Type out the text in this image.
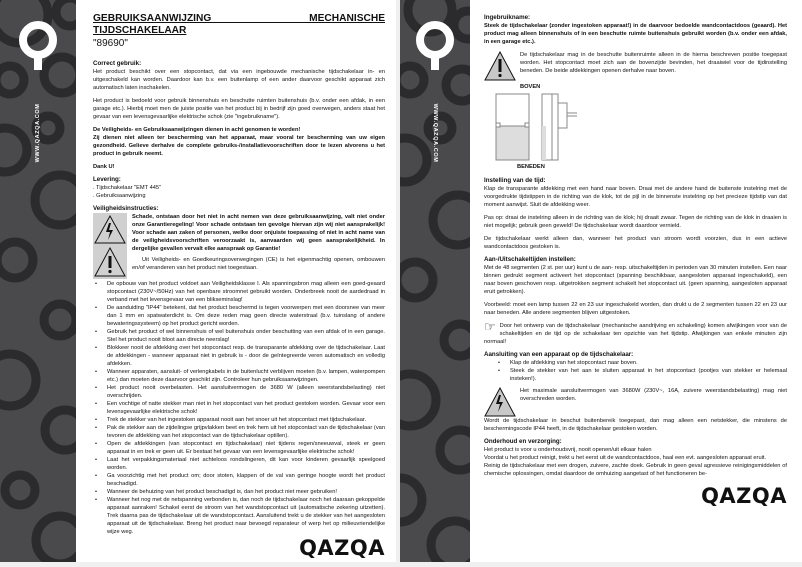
WWW.QAZQA.COM
GEBRUIKSAANWIJZING MECHANISCHE TIJDSCHAKELAAR
"89690"
Correct gebruik:

Het product beschikt over een stopcontact, dat via een ingebouwde mechanische tijdschakelaar in- en uitgeschakeld kan worden. Daardoor kan b.v. een buitenlamp of een ander daarvoor geschikt apparaat zich automatisch laten inschakelen.

Het product is bedoeld voor gebruik binnenshuis en beschutte ruimten buitenshuis (b.v. onder een afdak, in een garage etc.). Hierbij moet men de juiste positie van het product bij in bedrijf zijn goed overwegen, anders staat het gevaar van een levensgevaarlijke elektrische schok (zie "ingebruikname").

De Veiligheids- en Gebruiksaanwijzingen dienen in acht genomen te worden!

Zij dienen niet alleen ter bescherming van het apparaat, maar vooral ter bescherming van uw eigen gezondheid. Gelieve derhalve de complete gebruiks-/installatievoorschriften door te lezen alvorens u het product in gebruik neemt.

Dank U!

Levering:
. Tijdschakelaar "EMT 445"

. Gebruiksaanwijzing

Veiligheidsinstructies:
Schade, ontstaan door het niet in acht nemen van deze gebruiksaanwijzing, valt niet onder onze Garantieregeling! Voor schade ontstaan ten gevolge hiervan zijn wij niet aansprakelijk! Voor schade aan zaken of personen, welke door onjuiste toepassing of niet in acht name van de veiligheidsvoorschriften veroorzaakt is, aanvaarden wij geen aansprakelijkheid. In dergelijke gevallen vervalt elke aanspraak op Garantie!
Uit Veiligheids- en Goedkeuringsoverwegingen (CE) is het eigenmachtig openen, ombouwen en/of veranderen van het product niet toegestaan.
• De opbouw van het product voldoet aan Veiligheidsklasse I. Als spanningsbron mag alleen een goed-geaard stopcontact (230V~/50Hz) van het openbare stroomnet gebruikt worden. Onderbreek nooit de aardedraad in verband met het levensgevaar van een blikseminslag!
• De aanduiding "IP44" betekent, dat het product beschermd is tegen voorwerpen met een doorsnee van meer dan 1 mm en spatwaterdicht is. Om deze reden mag geen directe waterstraal (b.v. tuinslang of andere bewateringssysteem) op het product gericht worden.
• Gebruik het product of wel binnenshuis of wel buitenshuis onder beschutting van een afdak of in een garage. Stel het product nooit bloot aan directe neerslag!
• Blokkeer nooit de afdekking over het stopcontact resp. de transparante afdekking over de tijdschakelaar. Laat de afdekkingen - wanneer apparaat niet in gebruik is - door de geïntegreerde veren automatisch en volledig afdekken.
• Wanneer apparaten, aansluit- of verlengkabels in de buitenlucht verblijven moeten (b.v. lampen, waterpompen etc.) dan moeten deze daarvoor geschikt zijn. Controleer hun gebruiksaanwijzingen.
• Het product nooit overbelasten. Het aansluitvermogen de 3680 W (alleen weerstandsbelasting) niet overschrijden.
• Een vochtige of natte stekker man niet in het stopcontact van het product gestoken worden. Gevaar voor een levensgevaarlijke elektrische schok!
• Trek de stekker van het ingestoken apparaat nooit aan het snoer uit het stopcontact met tijdschakelaar.
• Pak de stekker aan de zijdelingse grijpvlakken beet en trek hem uit het stopcontact van de tijdschakelaar (van tevoren de afdekking van het stopcontact van de tijdschakelaar optillen).
• Open de afdekkingen (van stopcontact en tijdschakelaar) niet tijdens regen/sneeuwval, steek er geen apparaat in en trek er geen uit. Er bestaat het gevaar van een levensgevaarlijke elektrische schok!
• Laat het verpakkingsmateriaal niet achteloos rondslingeren, dit kan voor kinderen gevaarlijk speelgoed worden.
• Ga voorzichtig met het product om; door stoten, klappen of de val van geringe hoogte wordt het product beschadigd.
• Wanneer de behuizing van het product beschadigd is, dan het product niet meer gebruiken!
• Wanneer het nog met de netspanning verbonden is, dan noch de tijdschakelaar noch het daaraan gekoppelde apparaat aanraken! Schakel eerst de stroom van het wandstopcontact uit (automatische zekering uitzetten). Trek daarna pas de tijdschakelaar uit de wandstopcontact. Aansluitend trekt u de stekker van het aangesloten apparaat uit de tijdschakelaar. Breng het product naar bevoegd reparateur of werp het op milieuvriendelijke wijze weg.
QAZQA
WWW.QAZQA.COM
Ingebruikname:

Steek de tijdschakelaar (zonder ingestoken apparaat!) in de daarvoor bedoelde wandcontactdoos (geaard). Het product mag alleen binnenshuis of in een beschutte ruimte buitenshuis gebruikt worden (b.v. onder een afdak, in een garage etc.).

De tijdschakelaar mag in de beschutte buitenruimte alleen in de hierna beschreven positie toegepast worden. Het stopcontact moet zich aan de bovenzijde bevinden, het draaiwiel voor de tijdinstelling beneden. De beide afdekkingen openen derhalve naar boven.
BOVEN
BENEDEN
Instelling van de tijd:

Klap de transparante afdekking met een hand naar boven. Draai met de andere hand de buitenste instelring met de voorgedrukte tijdstippen in de richting van de klok, tot de pijl in de binnenste instelring op het precieze tijdstip van dat moment aanwijst. Sluit de afdekking weer.

Pas op: draai de instelring alleen in de richting van de klok; hij draait zwaar. Tegen de richting van de klok in draaien is niet mogelijk; gebruik geen geweld! De tijdschakelaar wordt daardoor vernield.

De tijdschakelaar werkt alleen dan, wanneer het product van stroom wordt voorzien, dus in een actieve wandcontactdoos gestoken is.

Aan-/Uitschakeltijden instellen:

Met de 48 segmenten (2 st. per uur) kunt u de aan- resp. uitschakeltijden in perioden van 30 minuten instellen. Een naar binnen gedrukt segment activeert het stopcontact (spanning beschikbaar, aangesloten apparaat ingeschakeld), een naar boven geschoven resp. uitgetrokken segment schakelt het stopcontact uit. (geen spanning, aangesloten apparaat eruit getrokken).

Voorbeeld: moet een lamp tussen 22 en 23 uur ingeschakeld worden, dan drukt u de 2 segmenten tussen 22 en 23 uur naar beneden. Alle andere segmenten blijven uitgestoken.

☞ Door het ontwerp van de tijdschakelaar (mechanische aandrijving en schakeling) komen afwijkingen voor van de schakeltijden en de tijd op de schakelaar ten opzichte van het tijdstip. Afwijkingen van enkele minuten zijn normaal!

Aansluiting van een apparaat op de tijdschakelaar:
• Klap de afdekking van het stopcontact naar boven.
• Steek de stekker van het aan te sluiten apparaat in het stopcontact (pootjes van stekker er helemaal insteken!).
Het maximale aansluitvermogen van 3680W (230V~, 16A, zuivere weerstandsbelasting) mag niet overschreden worden.

Wordt de tijdschakelaar in beschut buitenbereik toegepast, dan mag alleen een netstekker, die minstens de beschermingscode IP44 heeft, in de tijdschakelaar gestoken worden.

Onderhoud en verzorging:
Het product is voor u onderhoudsvrij, nooit openen/uit elkaar halen
Voordat u het product reinigt, trekt u het eerst uit de wandcontactdoos, haal een evt. aangesloten apparaat eruit.
Reinig de tijdschakelaar met een drogen, zuivere, zachte doek. Gebruik in geen geval agressieve reinigingsmiddelen of chemische oplossingen, omdat daardoor de omhuizing aangetast of het functioneren be-
QAZQA
